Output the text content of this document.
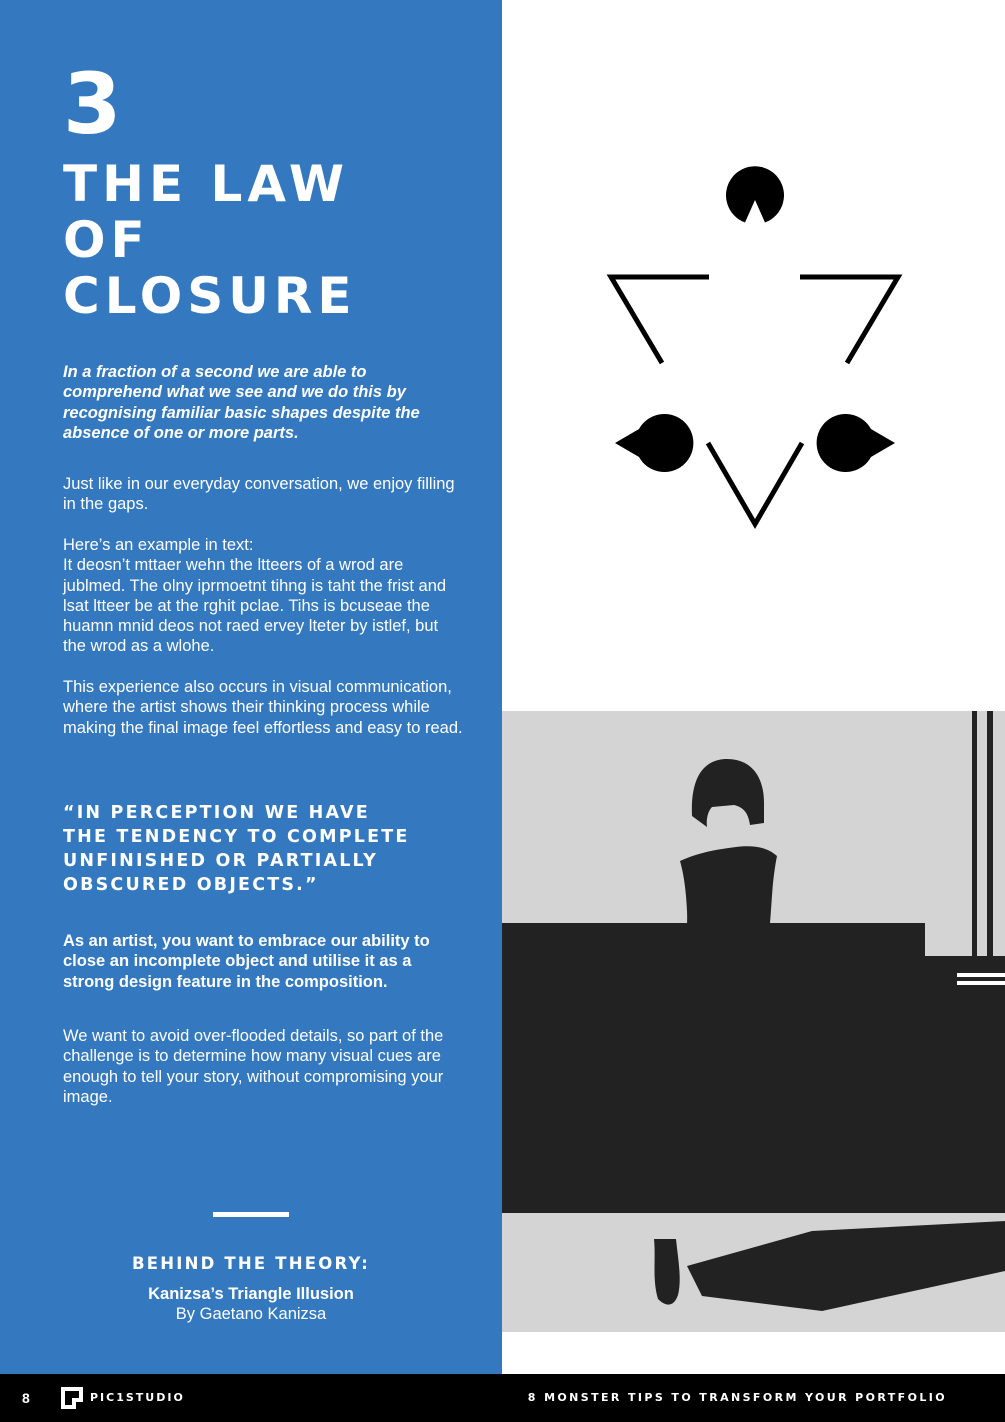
3
THE LAW
OF
CLOSURE
In a fraction of a second we are able to comprehend what we see and we do this by recognising familiar basic shapes despite the absence of one or more parts.
Just like in our everyday conversation, we enjoy filling in the gaps.
Here’s an example in text:
It deosn’t mttaer wehn the ltteers of a wrod are jublmed. The olny iprmoetnt tihng is taht the frist and lsat ltteer be at the rghit pclae. Tihs is bcuseae the huamn mnid deos not raed ervey lteter by istlef, but the wrod as a wlohe.
This experience also occurs in visual communication, where the artist shows their thinking process while making the final image feel effortless and easy to read.
“IN PERCEPTION WE HAVE
THE TENDENCY TO COMPLETE
UNFINISHED OR PARTIALLY
OBSCURED OBJECTS.”
As an artist, you want to embrace our ability to close an incomplete object and utilise it as a strong design feature in the composition.
We want to avoid over-flooded details, so part of the challenge is to determine how many visual cues are enough to tell your story, without compromising your image.
BEHIND THE THEORY:
Kanizsa’s Triangle Illusion
By Gaetano Kanizsa
8	PIC1STUDIO	8 MONSTER TIPS TO TRANSFORM YOUR PORTFOLIO
